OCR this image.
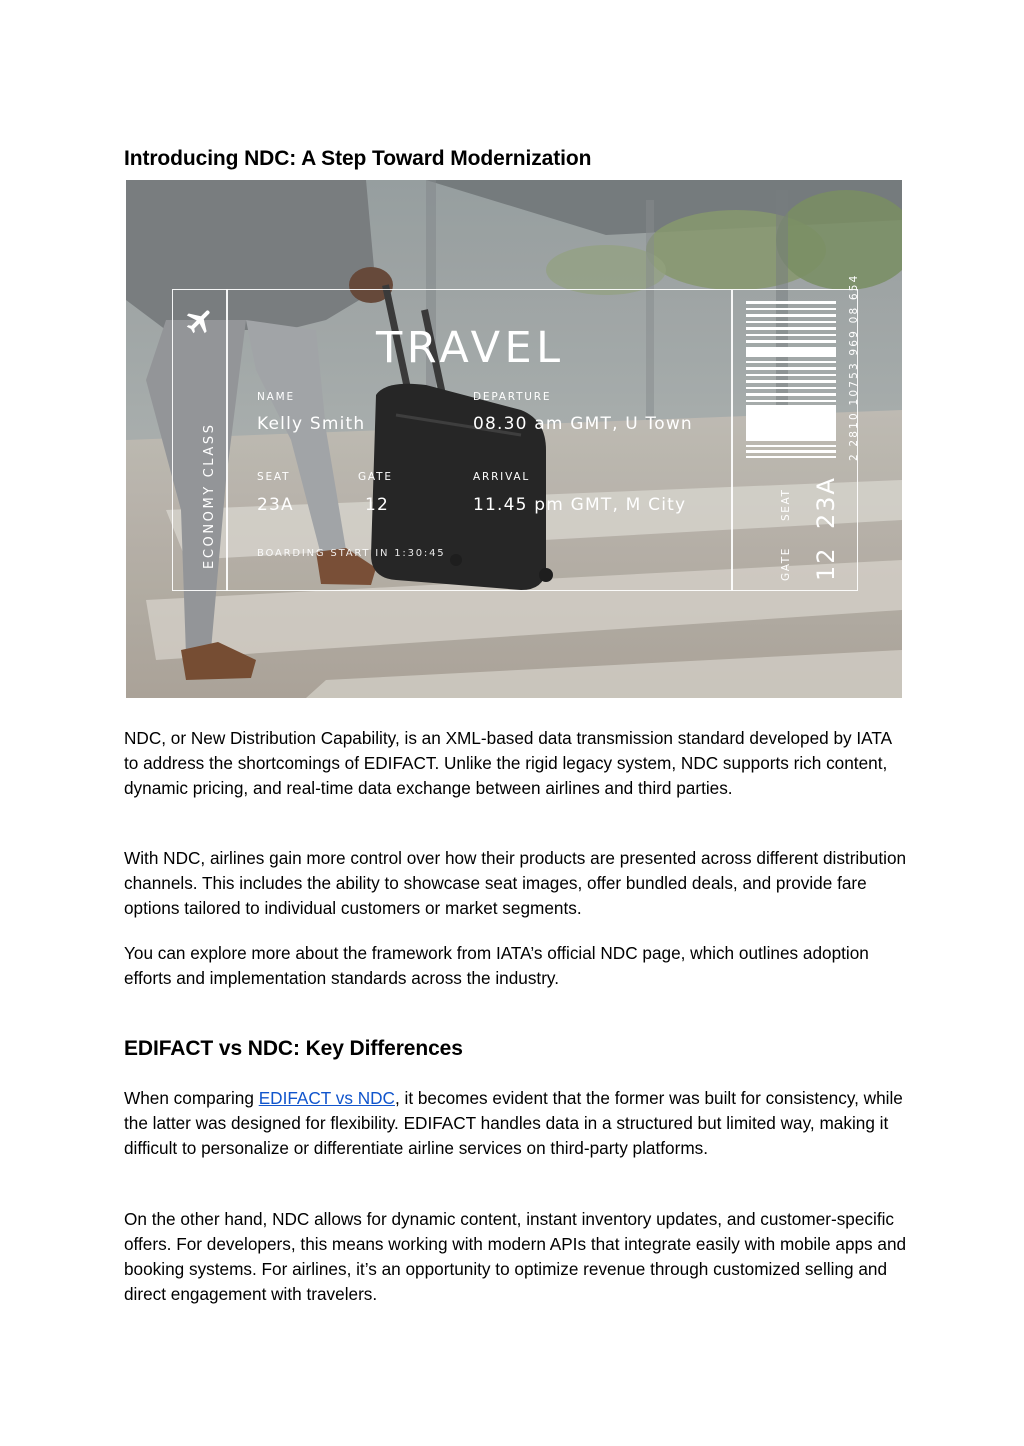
Introducing NDC: A Step Toward Modernization
ECONOMY CLASS
TRAVEL
NAME
Kelly Smith
DEPARTURE
08.30 am GMT, U Town
SEAT
23A
GATE
12
ARRIVAL
11.45 pm GMT, M City
BOARDING START IN 1:30:45
2 2810 10753 969 08 654
SEAT 23A
GATE 12

NDC, or New Distribution Capability, is an XML-based data transmission standard developed by IATA to address the shortcomings of EDIFACT. Unlike the rigid legacy system, NDC supports rich content, dynamic pricing, and real-time data exchange between airlines and third parties.

With NDC, airlines gain more control over how their products are presented across different distribution channels. This includes the ability to showcase seat images, offer bundled deals, and provide fare options tailored to individual customers or market segments.

You can explore more about the framework from IATA’s official NDC page, which outlines adoption efforts and implementation standards across the industry.

EDIFACT vs NDC: Key Differences

When comparing EDIFACT vs NDC, it becomes evident that the former was built for consistency, while the latter was designed for flexibility. EDIFACT handles data in a structured but limited way, making it difficult to personalize or differentiate airline services on third-party platforms.

On the other hand, NDC allows for dynamic content, instant inventory updates, and customer-specific offers. For developers, this means working with modern APIs that integrate easily with mobile apps and booking systems. For airlines, it’s an opportunity to optimize revenue through customized selling and direct engagement with travelers.
